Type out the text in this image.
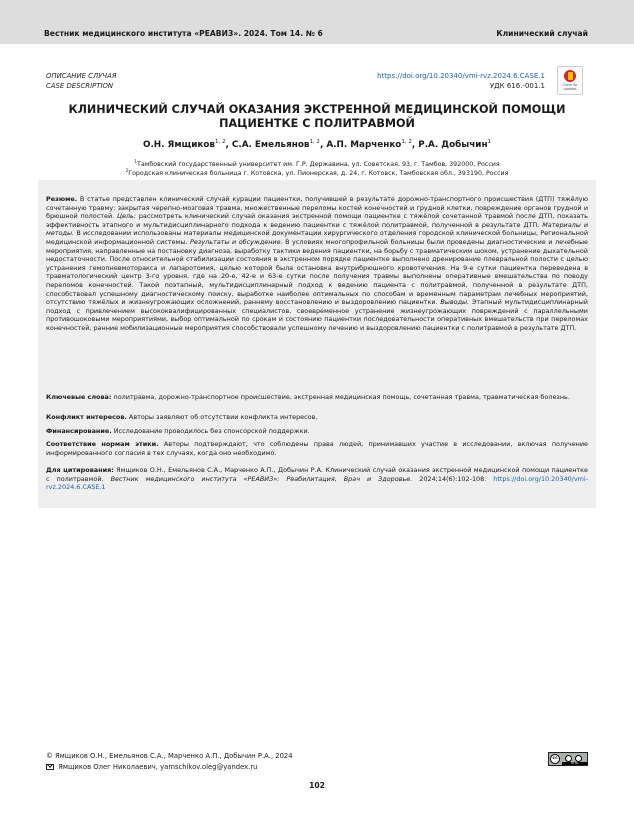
Вестник медицинского института «РЕАВИЗ». 2024. Том 14. № 6	Клинический случай
ОПИСАНИЕ СЛУЧАЯ
CASE DESCRIPTION
https://doi.org/10.20340/vmi-rvz.2024.6.CASE.1
УДК 616.-001.1	Check for
updates
КЛИНИЧЕСКИЙ СЛУЧАЙ ОКАЗАНИЯ ЭКСТРЕННОЙ МЕДИЦИНСКОЙ ПОМОЩИ ПАЦИЕНТКЕ С ПОЛИТРАВМОЙ
О.Н. Ямщиков$^{1, 2}$, С.А. Емельянов$^{1, 2}$, А.П. Марченко$^{1, 2}$, Р.А. Добычин$^1$
$^1$Тамбовский государственный университет им. Г.Р. Державина, ул. Советская, 93, г. Тамбов, 392000, Россия
$^2$Городская клиническая больница г. Котовска, ул. Пионерская, д. 24, г. Котовск, Тамбовская обл., 393190, Россия
Резюме. В статье представлен клинический случай курации пациентки, получившей в результате дорожно-транспортного происшествия (ДТП) тяжёлую сочетанную травму: закрытая черепно-мозговая травма, множественные переломы костей конечностей и грудной клетки, повреждение органов грудной и брюшной полостей. Цель: рассмотреть клинический случай оказания экстренной помощи пациентке с тяжёлой сочетанной травмой после ДТП, показать эффективность этапного и мультидисциплинарного подхода к ведению пациентки с тяжёлой политравмой, полученной в результате ДТП. Материалы и методы. В исследовании использованы материалы медицинской документации хирургического отделения городской клинической больницы, Региональной медицинской информационной системы. Результаты и обсуждение. В условиях многопрофильной больницы были проведены диагностические и лечебные мероприятия, направленные на постановку диагноза, выработку тактики ведения пациентки, на борьбу с травматическим шоком, устранение дыхательной недостаточности. После относительной стабилизации состояния в экстренном порядке пациентке выполнено дренирование плевральной полости с целью устранения гемопневмоторакса и лапаротомия, целью которой была остановка внутрибрюшного кровотечения. На 9-е сутки пациентка переведена в травматологический центр 3-го уровня, где на 20-е, 42-е и 63-е сутки после получения травмы выполнены оперативные вмешательства по поводу переломов конечностей. Такой поэтапный, мультидисциплинарный подход к ведению пациента с политравмой, полученной в результате ДТП, способствовал успешному диагностическому поиску, выработке наиболее оптимальных по способам и временным параметрам лечебных мероприятий, отсутствию тяжёлых и жизнеугрожающих осложнений, раннему восстановлению и выздоровлению пациентки. Выводы. Этапный мультидисциплинарный подход с привлечением высококвалифицированных специалистов, своевременное устранение жизнеугрожающих повреждений с параллельными противошоковыми мероприятиями, выбор оптимальной по срокам и состоянию пациентки последовательности оперативных вмешательств при переломах конечностей, ранние мобилизационные мероприятия способствовали успешному лечению и выздоровлению пациентки с политравмой в результате ДТП.
Ключевые слова: политравма, дорожно-транспортное происшествие, экстренная медицинская помощь, сочетанная травма, травматическая болезнь.
Конфликт интересов. Авторы заявляют об отсутствии конфликта интересов.
Финансирование. Исследование проводилось без спонсорской поддержки.
Соответствие нормам этики. Авторы подтверждают, что соблюдены права людей, принимавших участие в исследовании, включая получение информированного согласия в тех случаях, когда оно необходимо.
Для цитирования: Ямщиков О.Н., Емельянов С.А., Марченко А.П., Добычин Р.А. Клинический случай оказания экстренной медицинской помощи пациентке с политравмой. Вестник медицинского института «РЕАВИЗ»: Реабилитация, Врач и Здоровье. 2024;14(6):102-108. https://doi.org/10.20340/vmi-rvz.2024.6.CASE.1
© Ямщиков О.Н., Емельянов С.А., Марченко А.П., Добычин Р.А., 2024
Ямщиков Олег Николаевич, yamschikov.oleg@yandex.ru
cc
BY NC
102
